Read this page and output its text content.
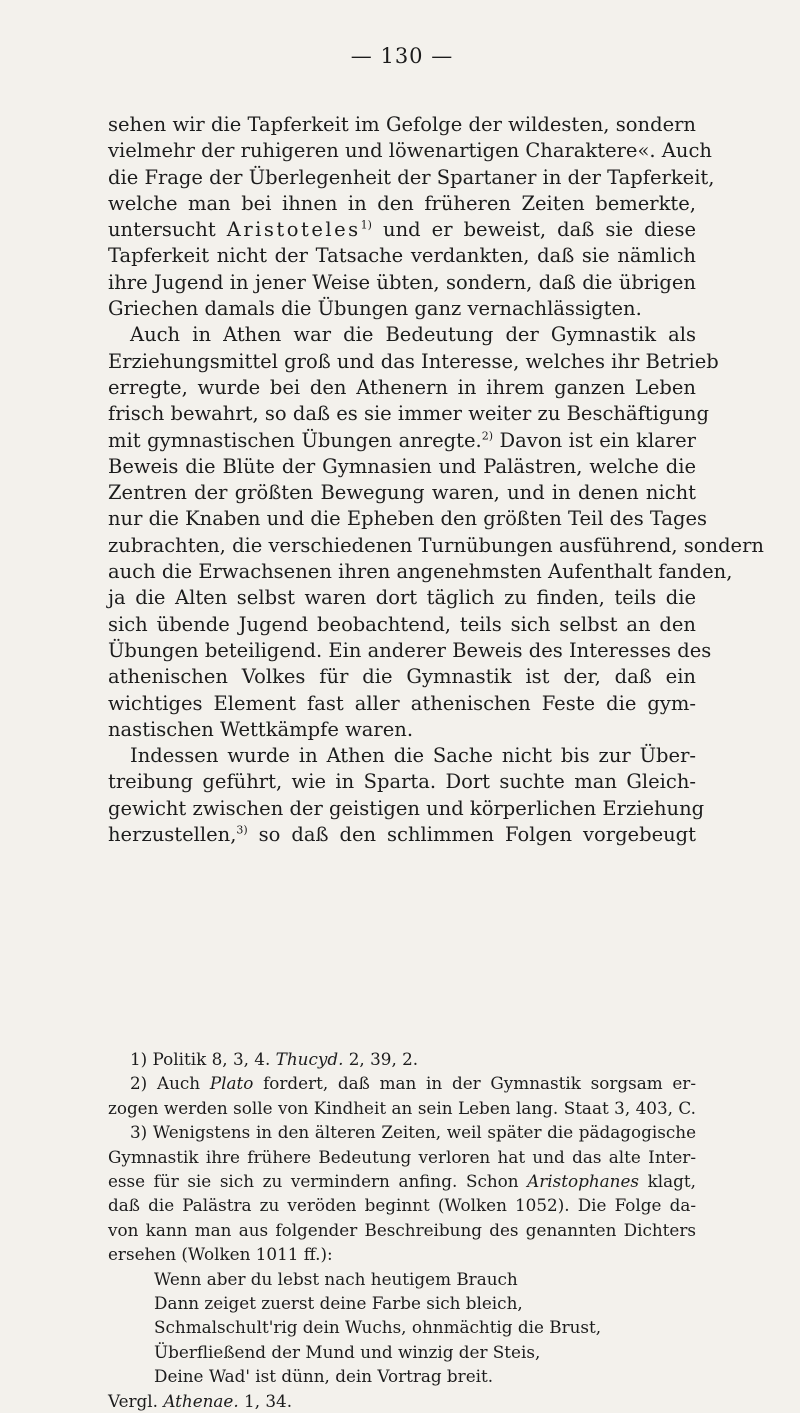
— 130 —
sehen wir die Tapferkeit im Gefolge der wildesten, sondern
vielmehr der ruhigeren und löwenartigen Charaktere«. Auch
die Frage der Überlegenheit der Spartaner in der Tapferkeit,
welche man bei ihnen in den früheren Zeiten bemerkte,
untersucht Aristoteles$^{1)}$ und er beweist, daß sie diese
Tapferkeit nicht der Tatsache verdankten, daß sie nämlich
ihre Jugend in jener Weise übten, sondern, daß die übrigen
Griechen damals die Übungen ganz vernachlässigten.
Auch in Athen war die Bedeutung der Gymnastik als
Erziehungsmittel groß und das Interesse, welches ihr Betrieb
erregte, wurde bei den Athenern in ihrem ganzen Leben
frisch bewahrt, so daß es sie immer weiter zu Beschäftigung
mit gymnastischen Übungen anregte.$^{2)}$ Davon ist ein klarer
Beweis die Blüte der Gymnasien und Palästren, welche die
Zentren der größten Bewegung waren, und in denen nicht
nur die Knaben und die Epheben den größten Teil des Tages
zubrachten, die verschiedenen Turnübungen ausführend, sondern
auch die Erwachsenen ihren angenehmsten Aufenthalt fanden,
ja die Alten selbst waren dort täglich zu finden, teils die
sich übende Jugend beobachtend, teils sich selbst an den
Übungen beteiligend. Ein anderer Beweis des Interesses des
athenischen Volkes für die Gymnastik ist der, daß ein
wichtiges Element fast aller athenischen Feste die gym-
nastischen Wettkämpfe waren.
Indessen wurde in Athen die Sache nicht bis zur Über-
treibung geführt, wie in Sparta. Dort suchte man Gleich-
gewicht zwischen der geistigen und körperlichen Erziehung
herzustellen,$^{3)}$ so daß den schlimmen Folgen vorgebeugt
1) Politik 8, 3, 4. Thucyd. 2, 39, 2.
2) Auch Plato fordert, daß man in der Gymnastik sorgsam er-
zogen werden solle von Kindheit an sein Leben lang. Staat 3, 403, C.
3) Wenigstens in den älteren Zeiten, weil später die pädagogische
Gymnastik ihre frühere Bedeutung verloren hat und das alte Inter-
esse für sie sich zu vermindern anfing. Schon Aristophanes klagt,
daß die Palästra zu veröden beginnt (Wolken 1052). Die Folge da-
von kann man aus folgender Beschreibung des genannten Dichters
ersehen (Wolken 1011 ff.):
Wenn aber du lebst nach heutigem Brauch
Dann zeiget zuerst deine Farbe sich bleich,
Schmalschult'rig dein Wuchs, ohnmächtig die Brust,
Überfließend der Mund und winzig der Steis,
Deine Wad' ist dünn, dein Vortrag breit.
Vergl. Athenae. 1, 34.
